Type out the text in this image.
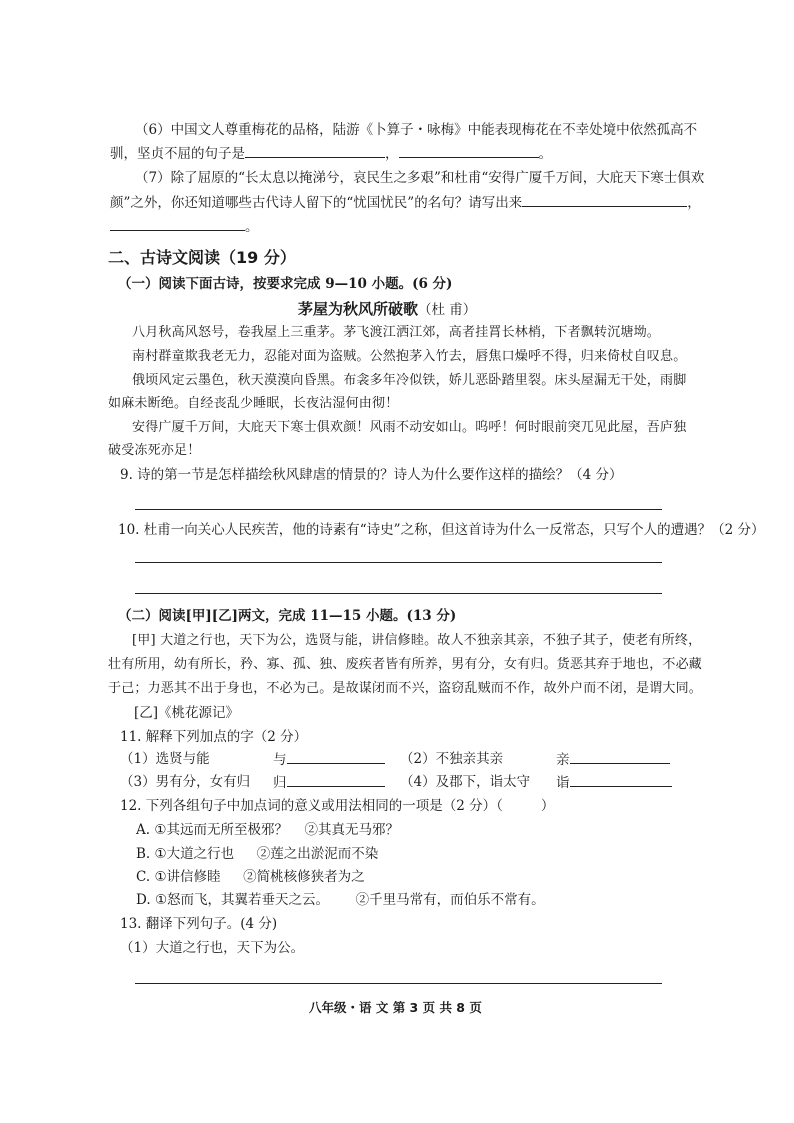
（6）中国文人尊重梅花的品格，陆游《卜算子・咏梅》中能表现梅花在不幸处境中依然孤高不
驯，坚贞不屈的句子是	，	。
（7）除了屈原的“长太息以掩涕兮，哀民生之多艰”和杜甫“安得广厦千万间，大庇天下寒士俱欢
颜”之外，你还知道哪些古代诗人留下的“忧国忧民”的名句？请写出来	，
。
二、古诗文阅读（19 分）
（一）阅读下面古诗，按要求完成 9—10 小题。(6 分)
茅屋为秋风所破歌（杜 甫）
八月秋高风怒号，卷我屋上三重茅。茅飞渡江洒江郊，高者挂罥长林梢，下者飘转沉塘坳。
南村群童欺我老无力，忍能对面为盗贼。公然抱茅入竹去，唇焦口燥呼不得，归来倚杖自叹息。
俄顷风定云墨色，秋天漠漠向昏黑。布衾多年冷似铁，娇儿恶卧踏里裂。床头屋漏无干处，雨脚
如麻未断绝。自经丧乱少睡眠，长夜沾湿何由彻！
安得广厦千万间，大庇天下寒士俱欢颜！风雨不动安如山。呜呼！何时眼前突兀见此屋，吾庐独
破受冻死亦足！
9. 诗的第一节是怎样描绘秋风肆虐的情景的？诗人为什么要作这样的描绘？（4 分）
10. 杜甫一向关心人民疾苦，他的诗素有“诗史”之称，但这首诗为什么一反常态，只写个人的遭遇？（2 分）
（二）阅读[甲][乙]两文，完成 11—15 小题。(13 分)
[甲] 大道之行也，天下为公，选贤与能，讲信修睦。故人不独亲其亲，不独子其子，使老有所终，
壮有所用，幼有所长，矜、寡、孤、独、废疾者皆有所养，男有分，女有归。货恶其弃于地也，不必藏
于己；力恶其不出于身也，不必为己。是故谋闭而不兴，盗窃乱贼而不作，故外户而不闭，是谓大同。
[乙]《桃花源记》
11. 解释下列加点的字（2 分）
（1）选贤与能	与	（2）不独亲其亲	亲
（3）男有分，女有归 归	（4）及郡下，诣太守 诣
12. 下列各组句子中加点词的意义或用法相同的一项是（2 分）（	）
A. ①其远而无所至极邪？ ②其真无马邪？
B. ①大道之行也 ②莲之出淤泥而不染
C. ①讲信修睦 ②简桃核修狭者为之
D. ①怒而飞，其翼若垂天之云。 ②千里马常有，而伯乐不常有。
13. 翻译下列句子。(4 分)
（1）大道之行也，天下为公。
八年级・语 文 第 3 页 共 8 页
